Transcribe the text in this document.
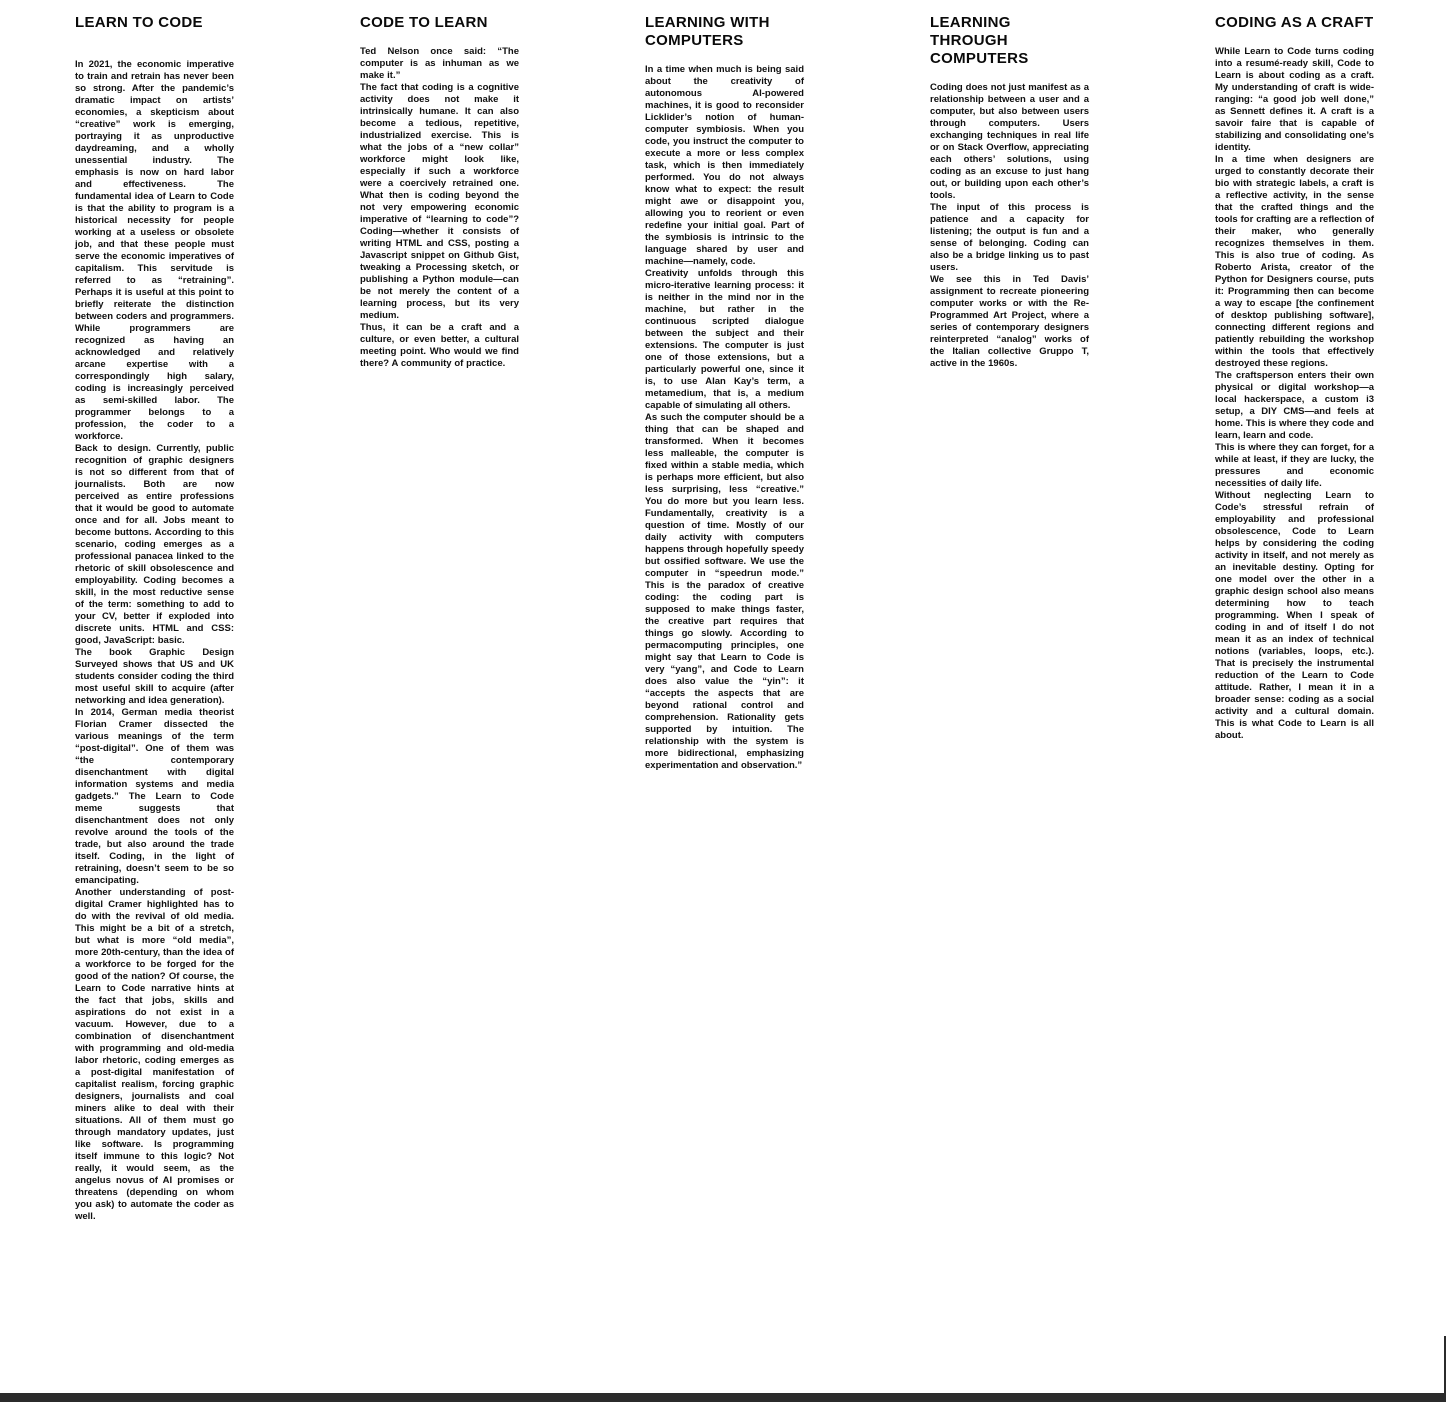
LEARN TO CODE

In 2021, the economic imperative to train and retrain has never been so strong. After the pandemic’s dramatic impact on artists’ economies, a skepticism about “creative” work is emerging, portraying it as unproductive daydreaming, and a wholly unessential industry. The emphasis is now on hard labor and effectiveness. The fundamental idea of Learn to Code is that the ability to program is a historical necessity for people working at a useless or obsolete job, and that these people must serve the economic imperatives of capitalism. This servitude is referred to as “retraining”. Perhaps it is useful at this point to briefly reiterate the distinction between coders and programmers. While programmers are recognized as having an acknowledged and relatively arcane expertise with a correspondingly high salary, coding is increasingly perceived as semi-skilled labor. The programmer belongs to a profession, the coder to a workforce.

Back to design. Currently, public recognition of graphic designers is not so different from that of journalists. Both are now perceived as entire professions that it would be good to automate once and for all. Jobs meant to become buttons. According to this scenario, coding emerges as a professional panacea linked to the rhetoric of skill obsolescence and employability. Coding becomes a skill, in the most reductive sense of the term: something to add to your CV, better if exploded into discrete units. HTML and CSS: good, JavaScript: basic.

The book Graphic Design Surveyed shows that US and UK students consider coding the third most useful skill to acquire (after networking and idea generation).

In 2014, German media theorist Florian Cramer dissected the various meanings of the term “post-digital”. One of them was “the contemporary disenchantment with digital information systems and media gadgets.” The Learn to Code meme suggests that disenchantment does not only revolve around the tools of the trade, but also around the trade itself. Coding, in the light of retraining, doesn’t seem to be so emancipating.

Another understanding of post-digital Cramer highlighted has to do with the revival of old media. This might be a bit of a stretch, but what is more “old media”, more 20th-century, than the idea of a workforce to be forged for the good of the nation? Of course, the Learn to Code narrative hints at the fact that jobs, skills and aspirations do not exist in a vacuum. However, due to a combination of disenchantment with programming and old-media labor rhetoric, coding emerges as a post-digital manifestation of capitalist realism, forcing graphic designers, journalists and coal miners alike to deal with their situations. All of them must go through mandatory updates, just like software. Is programming itself immune to this logic? Not really, it would seem, as the angelus novus of AI promises or threatens (depending on whom you ask) to automate the coder as well.

CODE TO LEARN

Ted Nelson once said: “The computer is as inhuman as we make it.”

The fact that coding is a cognitive activity does not make it intrinsically humane. It can also become a tedious, repetitive, industrialized exercise. This is what the jobs of a “new collar” workforce might look like, especially if such a workforce were a coercively retrained one. What then is coding beyond the not very empowering economic imperative of “learning to code”? Coding—whether it consists of writing HTML and CSS, posting a Javascript snippet on Github Gist, tweaking a Processing sketch, or publishing a Python module—can be not merely the content of a learning process, but its very medium.

Thus, it can be a craft and a culture, or even better, a cultural meeting point. Who would we find there? A community of practice.

LEARNING WITH COMPUTERS

In a time when much is being said about the creativity of autonomous AI-powered machines, it is good to reconsider Licklider’s notion of human-computer symbiosis. When you code, you instruct the computer to execute a more or less complex task, which is then immediately performed. You do not always know what to expect: the result might awe or disappoint you, allowing you to reorient or even redefine your initial goal. Part of the symbiosis is intrinsic to the language shared by user and machine—namely, code.

Creativity unfolds through this micro-iterative learning process: it is neither in the mind nor in the machine, but rather in the continuous scripted dialogue between the subject and their extensions. The computer is just one of those extensions, but a particularly powerful one, since it is, to use Alan Kay’s term, a metamedium, that is, a medium capable of simulating all others.

As such the computer should be a thing that can be shaped and transformed. When it becomes less malleable, the computer is fixed within a stable media, which is perhaps more efficient, but also less surprising, less “creative.” You do more but you learn less. Fundamentally, creativity is a question of time. Mostly of our daily activity with computers happens through hopefully speedy but ossified software. We use the computer in “speedrun mode.” This is the paradox of creative coding: the coding part is supposed to make things faster, the creative part requires that things go slowly. According to permacomputing principles, one might say that Learn to Code is very “yang”, and Code to Learn does also value the “yin”: it “accepts the aspects that are beyond rational control and comprehension. Rationality gets supported by intuition. The relationship with the system is more bidirectional, emphasizing experimentation and observation.”

LEARNING THROUGH COMPUTERS

Coding does not just manifest as a relationship between a user and a computer, but also between users through computers. Users exchanging techniques in real life or on Stack Overflow, appreciating each others’ solutions, using coding as an excuse to just hang out, or building upon each other’s tools.

The input of this process is patience and a capacity for listening; the output is fun and a sense of belonging. Coding can also be a bridge linking us to past users.

We see this in Ted Davis’ assignment to recreate pioneering computer works or with the Re-Programmed Art Project, where a series of contemporary designers reinterpreted “analog” works of the Italian collective Gruppo T, active in the 1960s.

CODING AS A CRAFT

While Learn to Code turns coding into a resumé-ready skill, Code to Learn is about coding as a craft. My understanding of craft is wide-ranging: “a good job well done,” as Sennett defines it. A craft is a savoir faire that is capable of stabilizing and consolidating one’s identity.

In a time when designers are urged to constantly decorate their bio with strategic labels, a craft is a reflective activity, in the sense that the crafted things and the tools for crafting are a reflection of their maker, who generally recognizes themselves in them. This is also true of coding. As Roberto Arista, creator of the Python for Designers course, puts it: Programming then can become a way to escape [the confinement of desktop publishing software], connecting different regions and patiently rebuilding the workshop within the tools that effectively destroyed these regions.

The craftsperson enters their own physical or digital workshop—a local hackerspace, a custom i3 setup, a DIY CMS—and feels at home. This is where they code and learn, learn and code.

This is where they can forget, for a while at least, if they are lucky, the pressures and economic necessities of daily life.

Without neglecting Learn to Code’s stressful refrain of employability and professional obsolescence, Code to Learn helps by considering the coding activity in itself, and not merely as an inevitable destiny. Opting for one model over the other in a graphic design school also means determining how to teach programming. When I speak of coding in and of itself I do not mean it as an index of technical notions (variables, loops, etc.). That is precisely the instrumental reduction of the Learn to Code attitude. Rather, I mean it in a broader sense: coding as a social activity and a cultural domain. This is what Code to Learn is all about.
